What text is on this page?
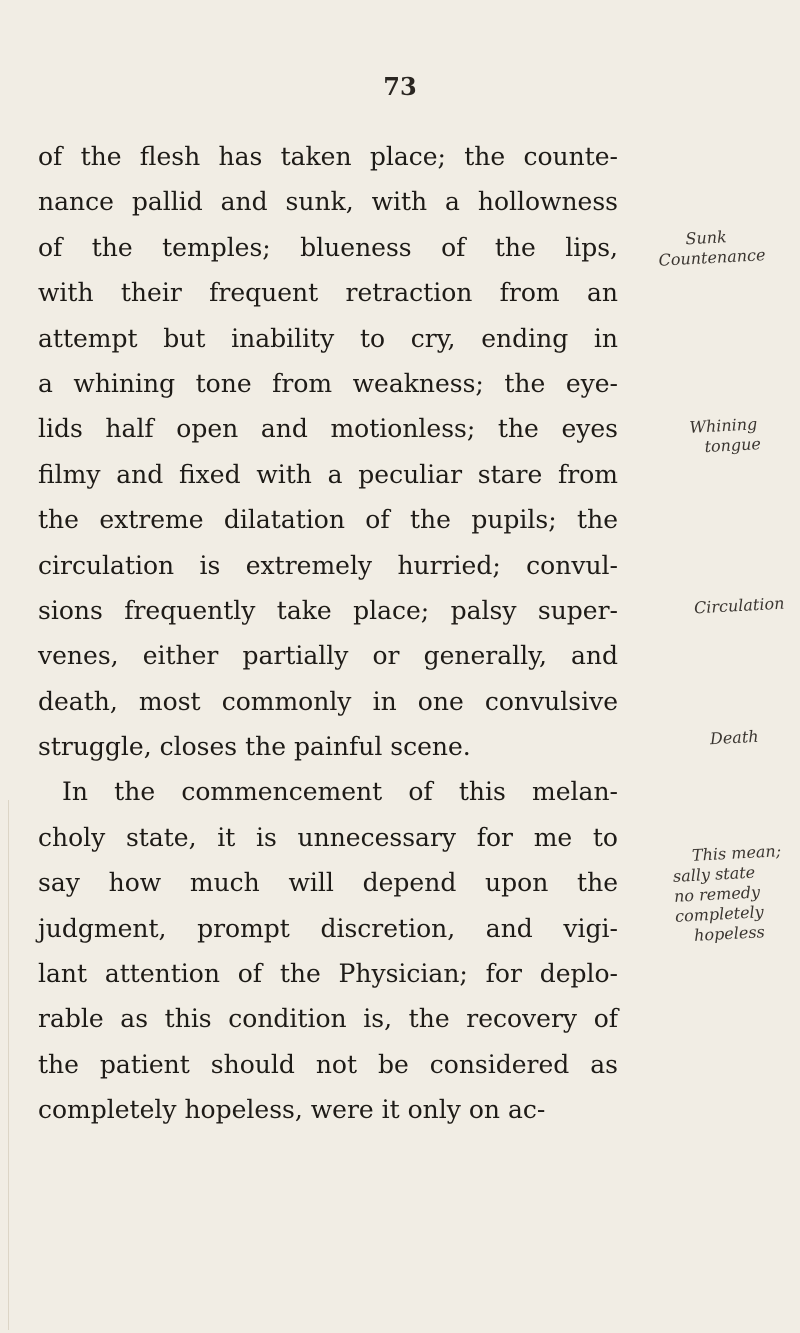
73
of the flesh has taken place; the counte-
nance pallid and sunk, with a hollowness
of the temples; blueness of the lips,
with their frequent retraction from an
attempt but inability to cry, ending in
a whining tone from weakness; the eye-
lids half open and motionless; the eyes
filmy and fixed with a peculiar stare from
the extreme dilatation of the pupils; the
circulation is extremely hurried; convul-
sions frequently take place; palsy super-
venes, either partially or generally, and
death, most commonly in one convulsive
struggle, closes the painful scene.
In the commencement of this melan-
choly state, it is unnecessary for me to
say how much will depend upon the
judgment, prompt discretion, and vigi-
lant attention of the Physician; for deplo-
rable as this condition is, the recovery of
the patient should not be considered as
completely hopeless, were it only on ac-

Sunk
Countenance

Whining
tongue

Circulation

Death

This mean;
sally state
no remedy
completely
hopeless
